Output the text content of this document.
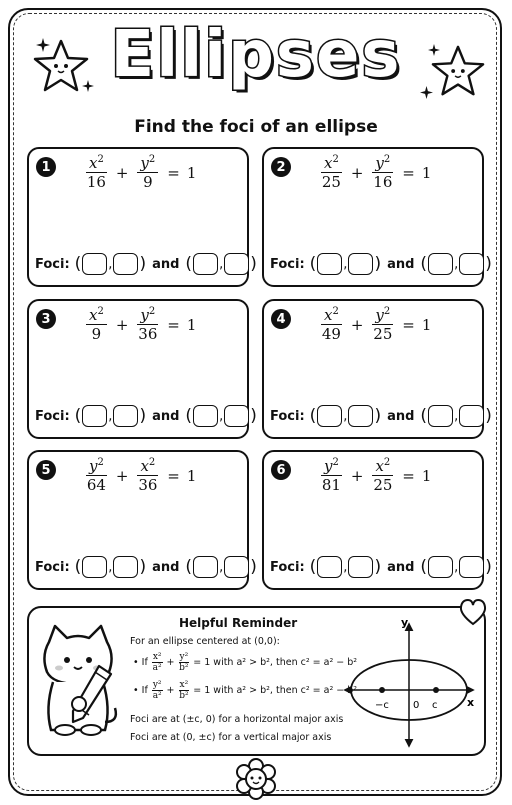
Ellipses
Find the foci of an ellipse
1	$\frac{x^2}{16} + \frac{y^2}{9} = 1$
Foci: ( , ) and ( , )
2	$\frac{x^2}{25} + \frac{y^2}{16} = 1$
Foci: ( , ) and ( , )
3	$\frac{x^2}{9} + \frac{y^2}{36} = 1$
Foci: ( , ) and ( , )
4	$\frac{x^2}{49} + \frac{y^2}{25} = 1$
Foci: ( , ) and ( , )
5	$\frac{y^2}{64} + \frac{x^2}{36} = 1$
Foci: ( , ) and ( , )
6	$\frac{y^2}{81} + \frac{x^2}{25} = 1$
Foci: ( , ) and ( , )
Helpful Reminder
For an ellipse centered at (0,0):
•
If
x²
$a^2 + \frac{\text{y²}}{\text{b²}}$
= 1 with a² > b², then c² = a² − b²
•
If
y²
$a^2 + \frac{\text{x²}}{\text{b²}}$
= 1 with a² > b², then c² = a² − b²
Foci are at (±c, 0) for a horizontal major axis
Foci are at (0, ±c) for a vertical major axis
y
x
−c 0 c
